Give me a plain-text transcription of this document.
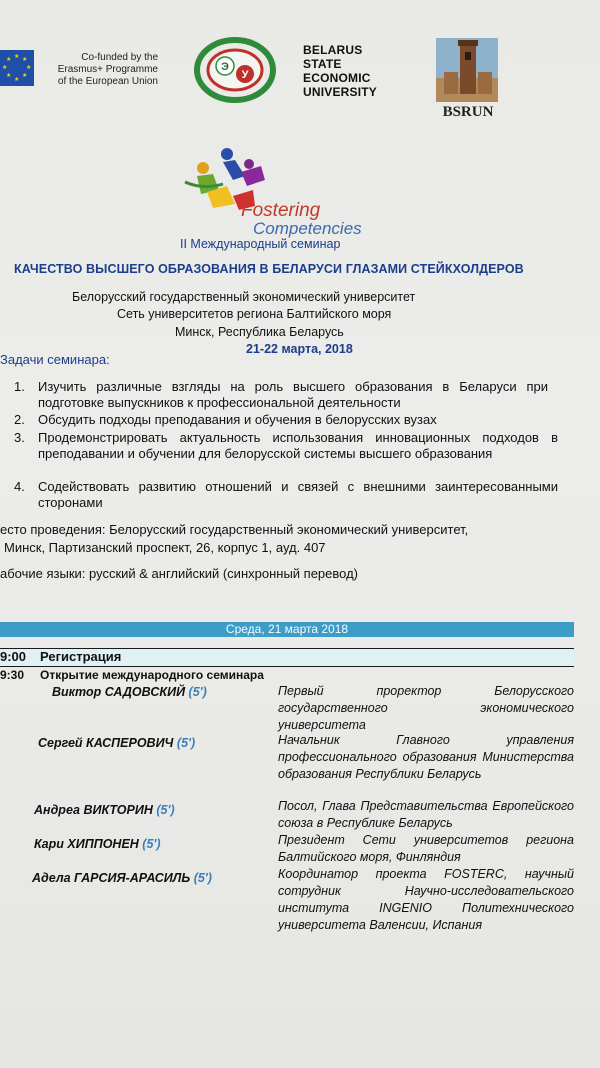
★ ★
★
★
★
★
★
★	Co-funded by the
Erasmus+ Programme
of the European Union
Э
У
BELARUS
STATE
ECONOMIC
UNIVERSITY
BSRUN
Fostering
Competencies
II Международный семинар
КАЧЕСТВО ВЫСШЕГО ОБРАЗОВАНИЯ В БЕЛАРУСИ ГЛАЗАМИ СТЕЙКХОЛДЕРОВ
Белорусский государственный экономический университет
Сеть университетов региона Балтийского моря
Минск, Республика Беларусь
21-22 марта, 2018
Задачи семинара:
1. Изучить различные взгляды на роль высшего образования в Беларуси при подготовке выпускников к профессиональной деятельности
2. Обсудить подходы преподавания и обучения в белорусских вузах
3. Продемонстрировать актуальность использования инновационных подходов в преподавании и обучении для белорусской системы высшего образования
4. Содействовать развитию отношений и связей с внешними заинтересованными сторонами
есто проведения: Белорусский государственный экономический университет,
Минск, Партизанский проспект, 26, корпус 1, ауд. 407
абочие языки: русский & английский (синхронный перевод)
Среда, 21 марта 2018
9:00 Регистрация
9:30 Открытие международного семинара
Виктор САДОВСКИЙ (5')	Первый проректор Белорусского государственного экономического университета
Сергей КАСПЕРОВИЧ (5')	Начальник Главного управления профессионального образования Министерства образования Республики Беларусь
Андреа ВИКТОРИН (5')	Посол, Глава Представительства Европейского союза в Республике Беларусь
Кари ХИППОНЕН (5')	Президент Сети университетов региона Балтийского моря, Финляндия
Адела ГАРСИЯ-АРАСИЛЬ (5')	Координатор проекта FOSTERC, научный сотрудник Научно-исследовательского института INGENIO Политехнического университета Валенсии, Испания
